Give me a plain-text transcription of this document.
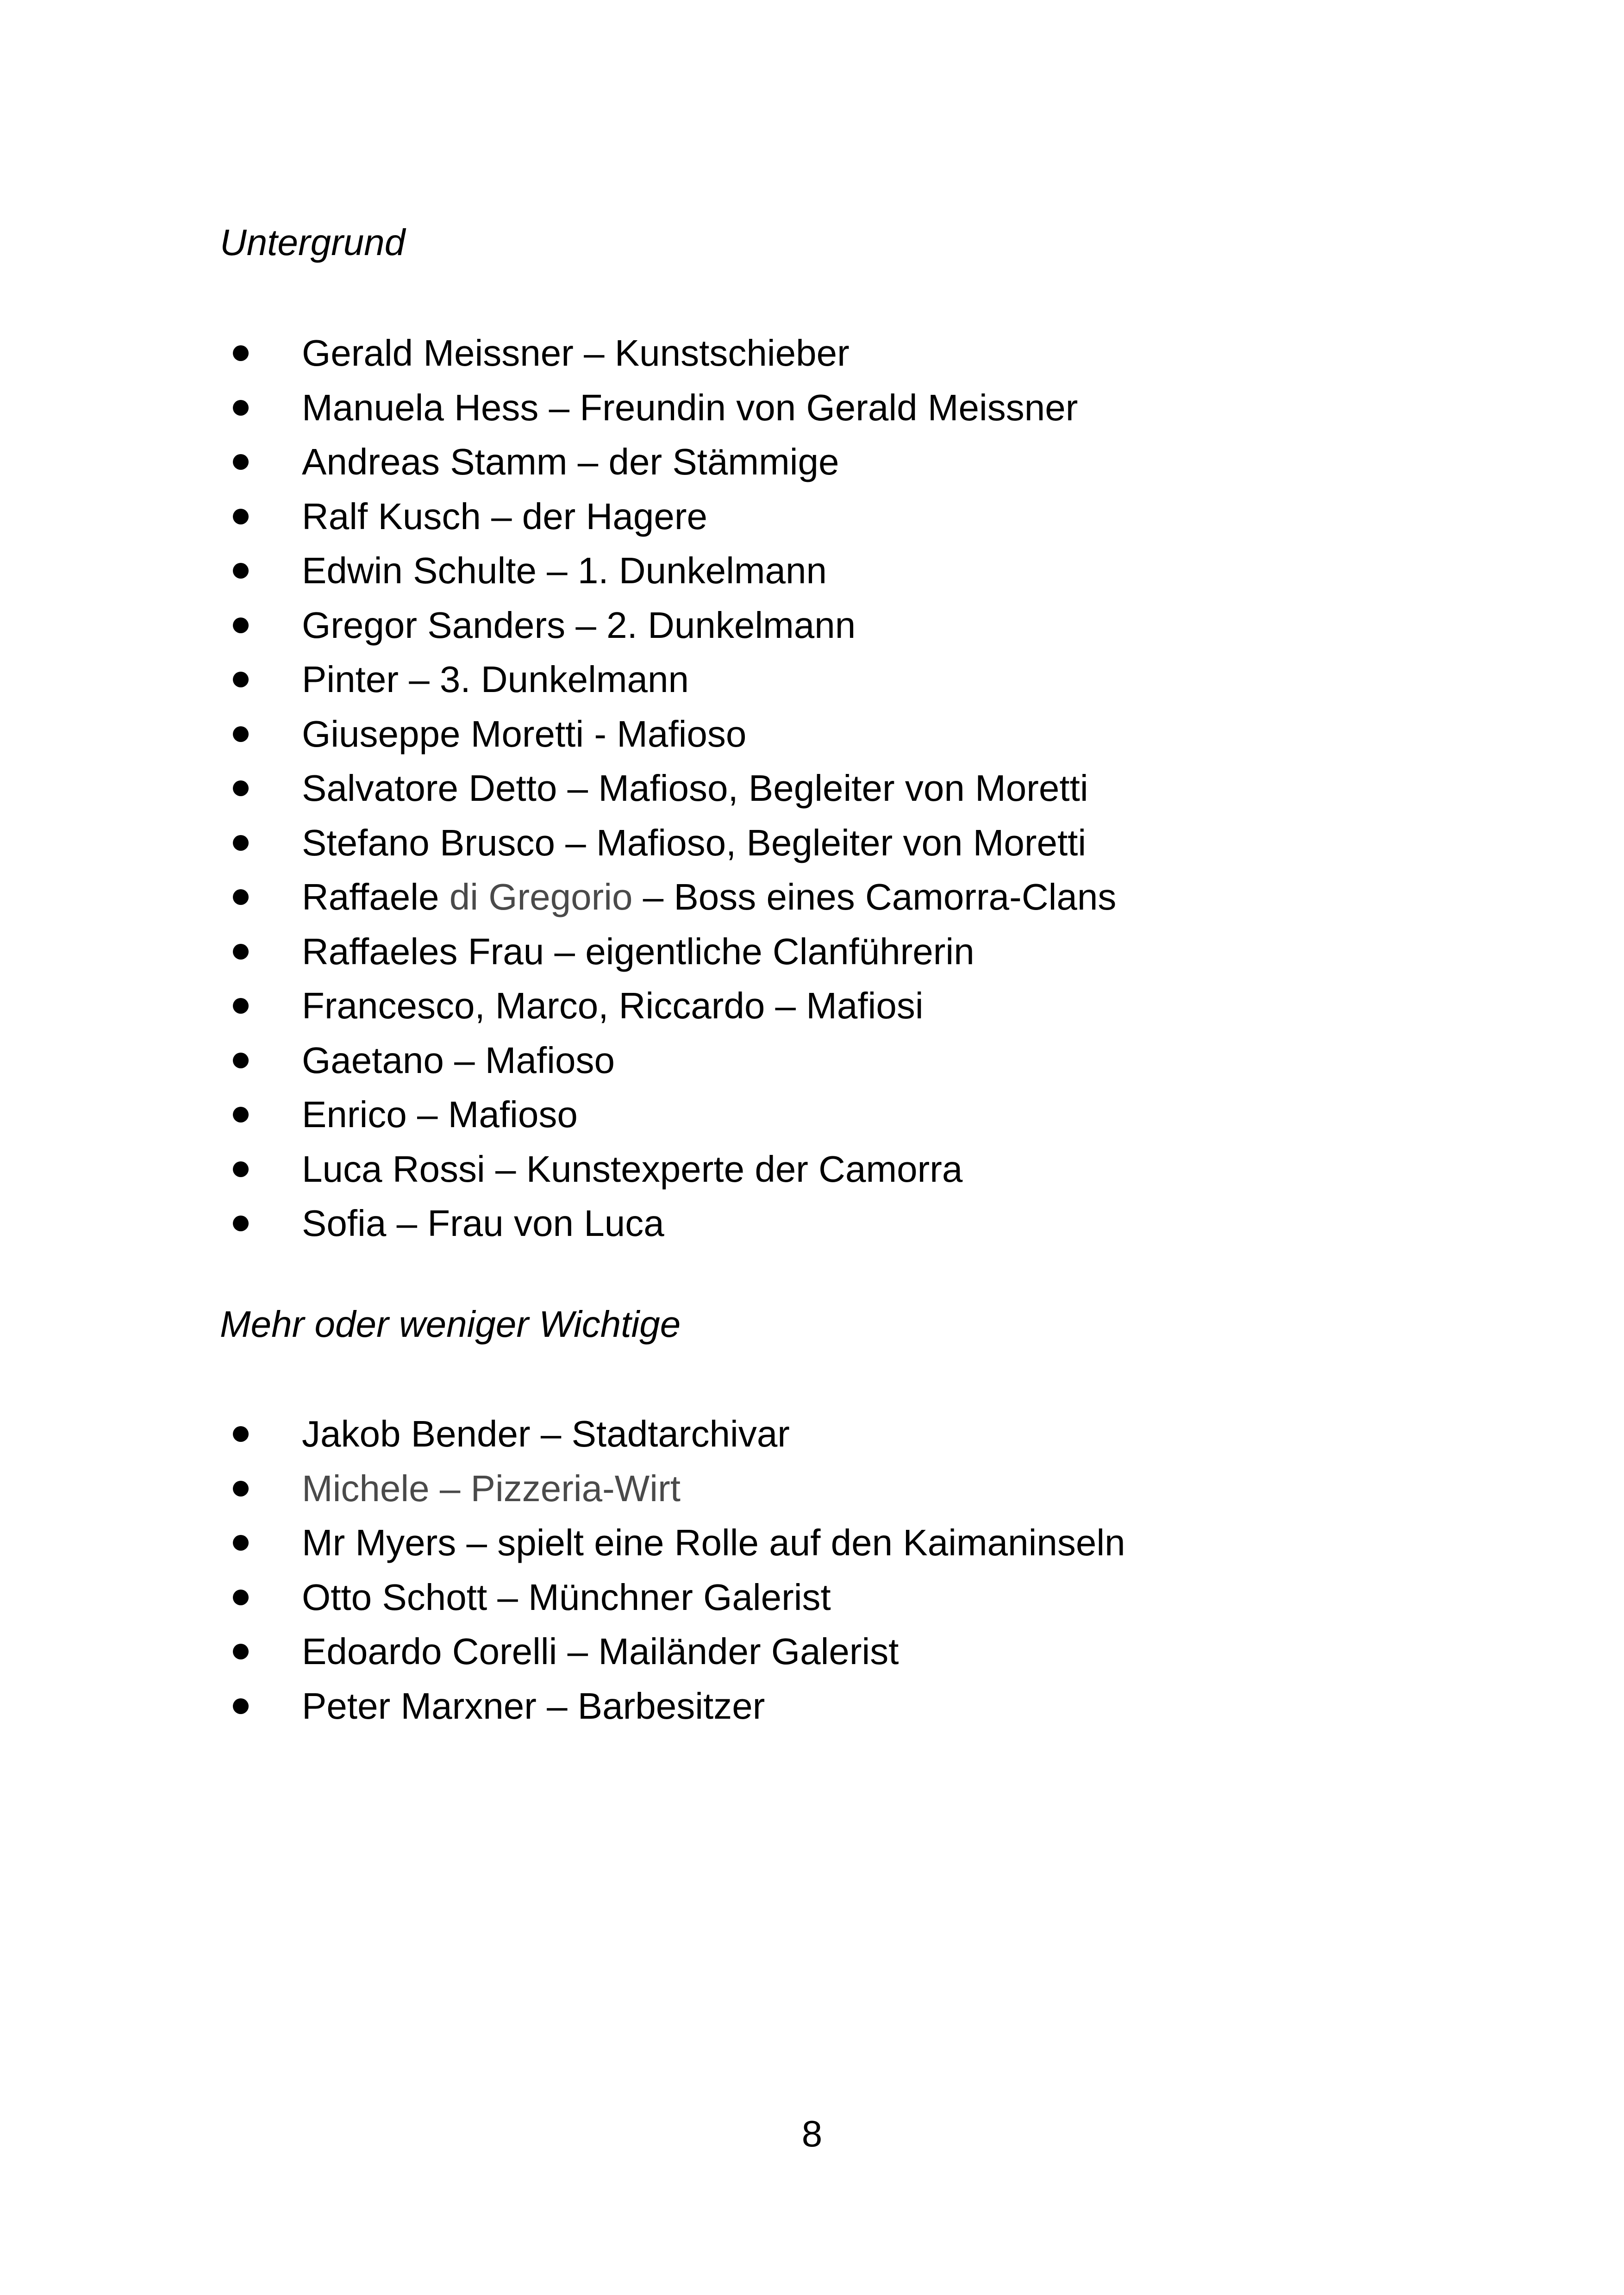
Untergrund
Gerald Meissner – Kunstschieber
Manuela Hess – Freundin von Gerald Meissner
Andreas Stamm – der Stämmige
Ralf Kusch – der Hagere
Edwin Schulte – 1. Dunkelmann
Gregor Sanders – 2. Dunkelmann
Pinter – 3. Dunkelmann
Giuseppe Moretti - Mafioso
Salvatore Detto – Mafioso, Begleiter von Moretti
Stefano Brusco – Mafioso, Begleiter von Moretti
Raffaele di Gregorio – Boss eines Camorra-Clans
Raffaeles Frau – eigentliche Clanführerin
Francesco, Marco, Riccardo – Mafiosi
Gaetano – Mafioso
Enrico – Mafioso
Luca Rossi – Kunstexperte der Camorra
Sofia – Frau von Luca
Mehr oder weniger Wichtige
Jakob Bender – Stadtarchivar
Michele – Pizzeria-Wirt
Mr Myers – spielt eine Rolle auf den Kaimaninseln
Otto Schott – Münchner Galerist
Edoardo Corelli – Mailänder Galerist
Peter Marxner – Barbesitzer
8
